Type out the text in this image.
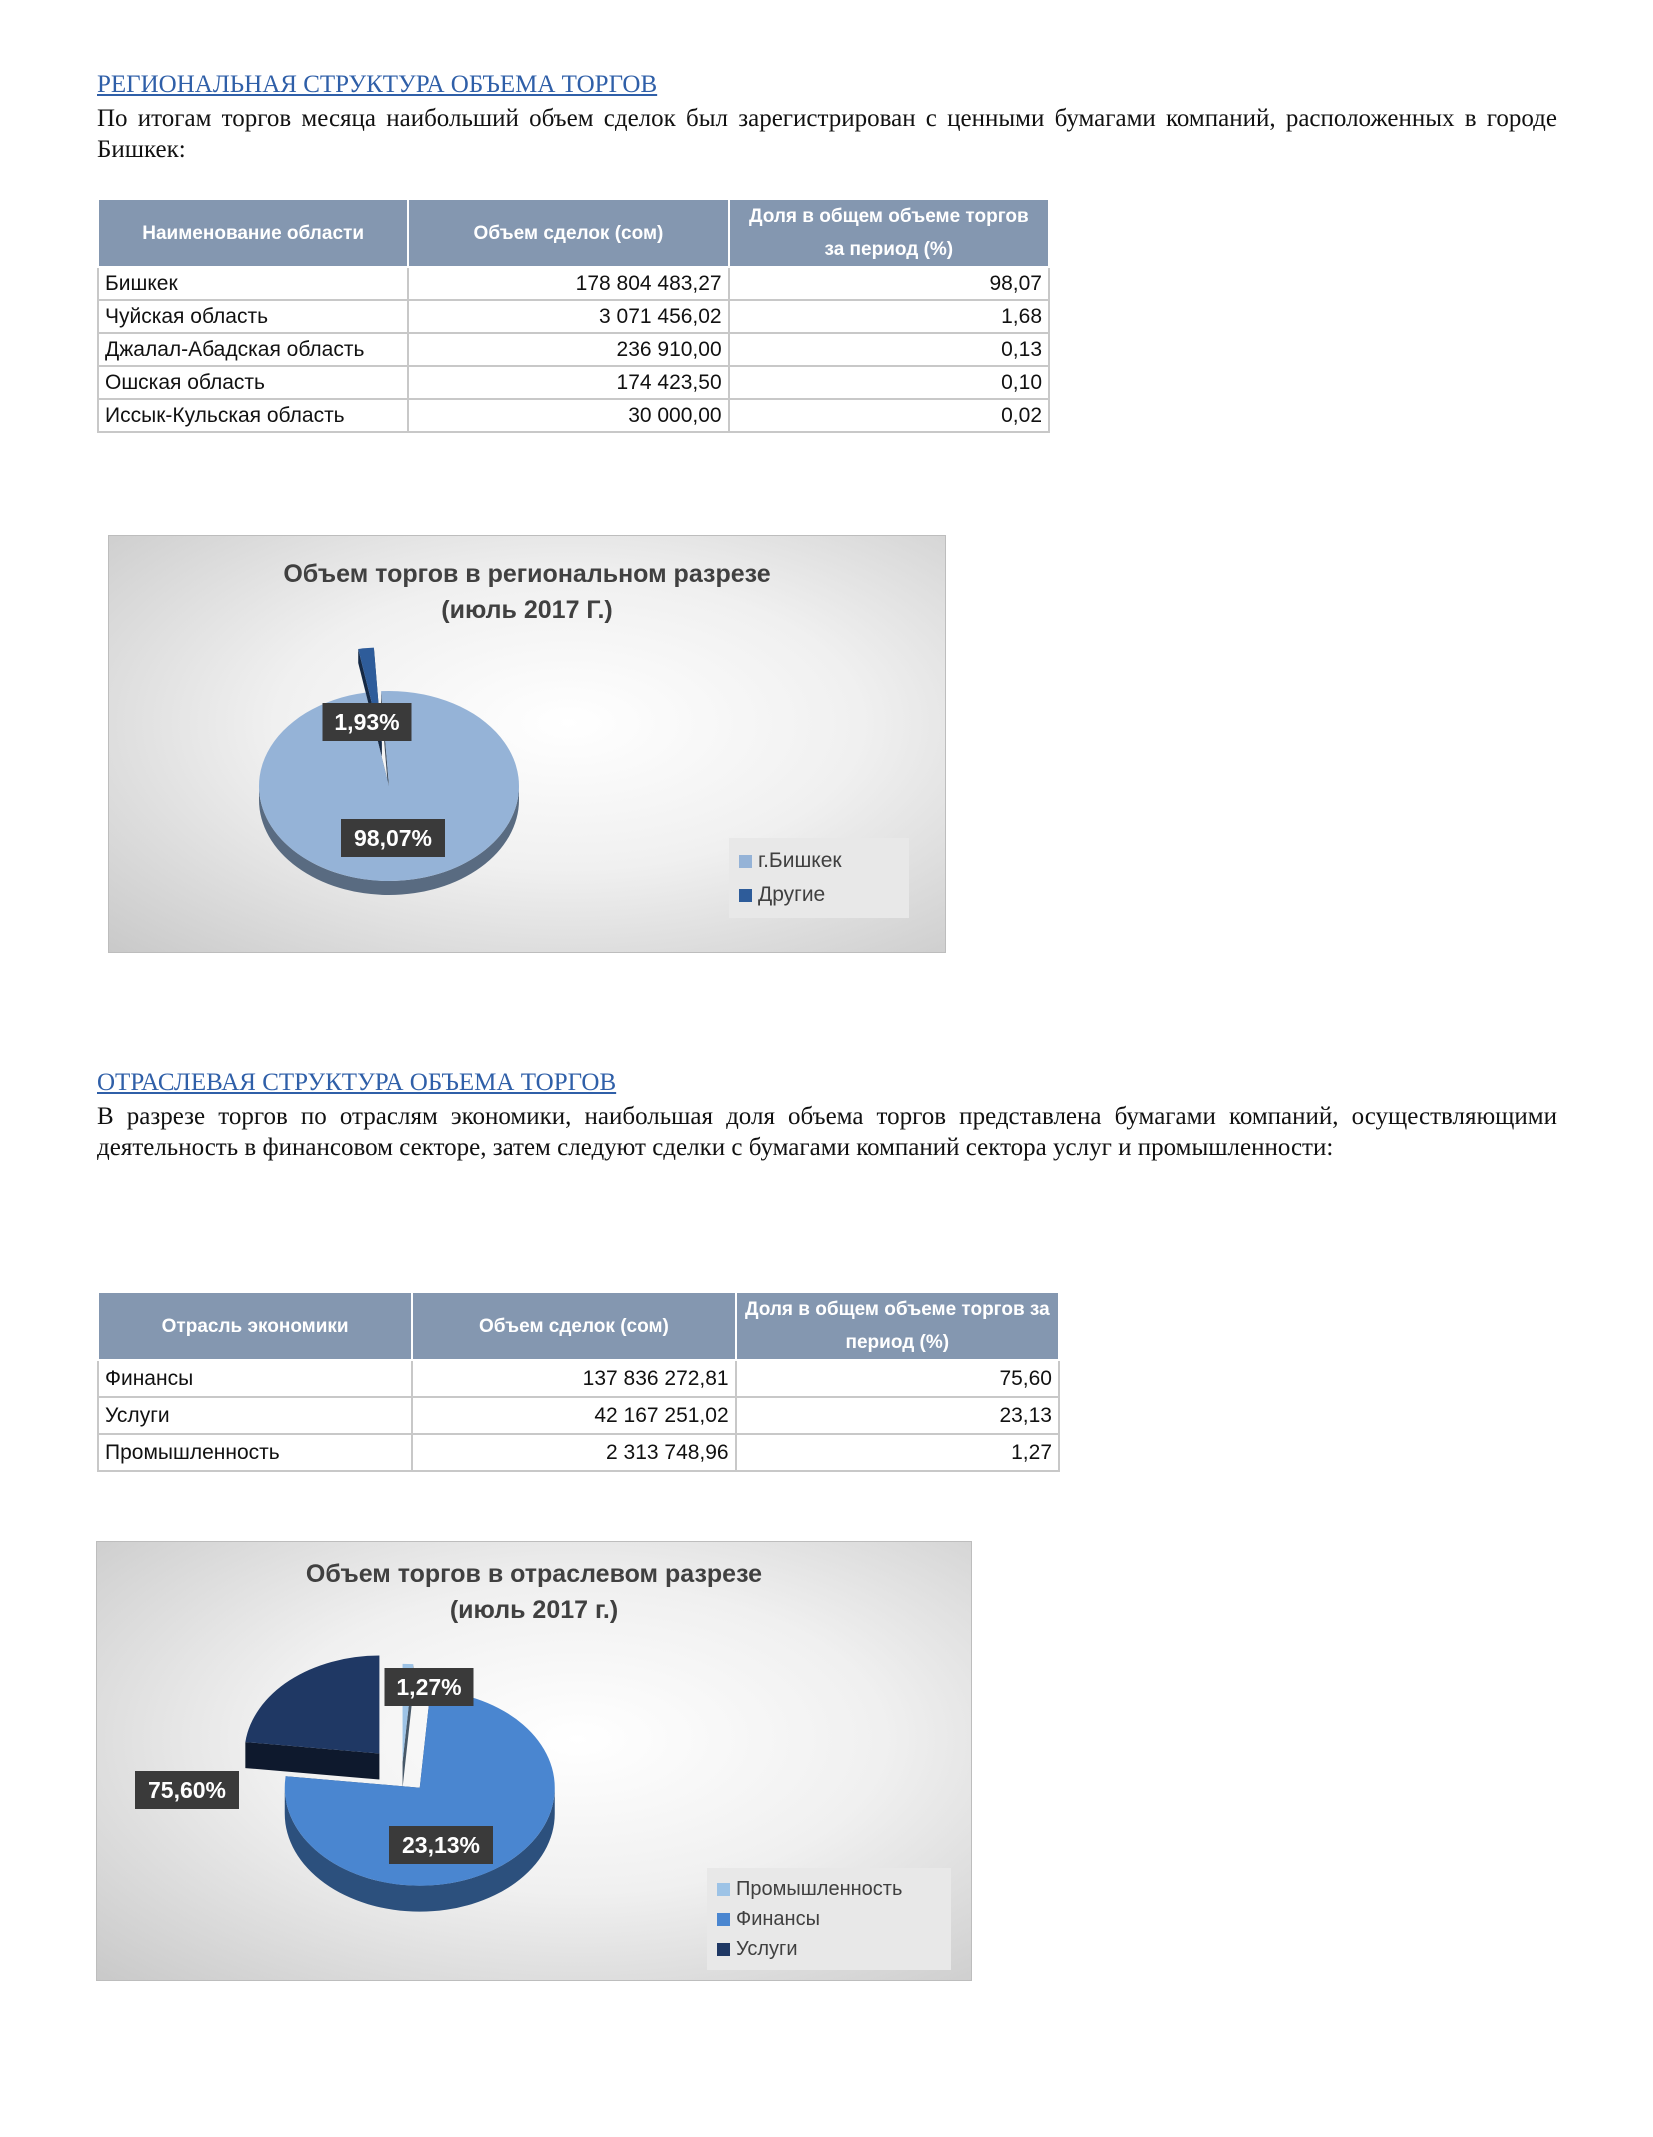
РЕГИОНАЛЬНАЯ СТРУКТУРА ОБЪЕМА ТОРГОВ
По итогам торгов месяца наибольший объем сделок был зарегистрирован с ценными бумагами компаний, расположенных в городе Бишкек:
Наименование области	Объем сделок (сом)	Доля в общем объеме торгов за период (%)
Бишкек	178 804 483,27	98,07
Чуйская область	3 071 456,02	1,68
Джалал-Абадская область	236 910,00	0,13
Ошская область	174 423,50	0,10
Иссык-Кульская область	30 000,00	0,02
Объем торгов в региональном разрезе
(июль 2017 Г.)
98,07%
1,93%
г.Бишкек
Другие
ОТРАСЛЕВАЯ СТРУКТУРА ОБЪЕМА ТОРГОВ
В разрезе торгов по отраслям экономики, наибольшая доля объема торгов представлена бумагами компаний, осуществляющими деятельность в финансовом секторе, затем следуют сделки с бумагами компаний сектора услуг и промышленности:
Отрасль экономики	Объем сделок (сом)	Доля в общем объеме торгов за период (%)
Финансы	137 836 272,81	75,60
Услуги	42 167 251,02	23,13
Промышленность	2 313 748,96	1,27
Объем торгов в отраслевом разрезе
(июль 2017 г.)
1,27%
75,60%
23,13%
Промышленность
Финансы
Услуги
